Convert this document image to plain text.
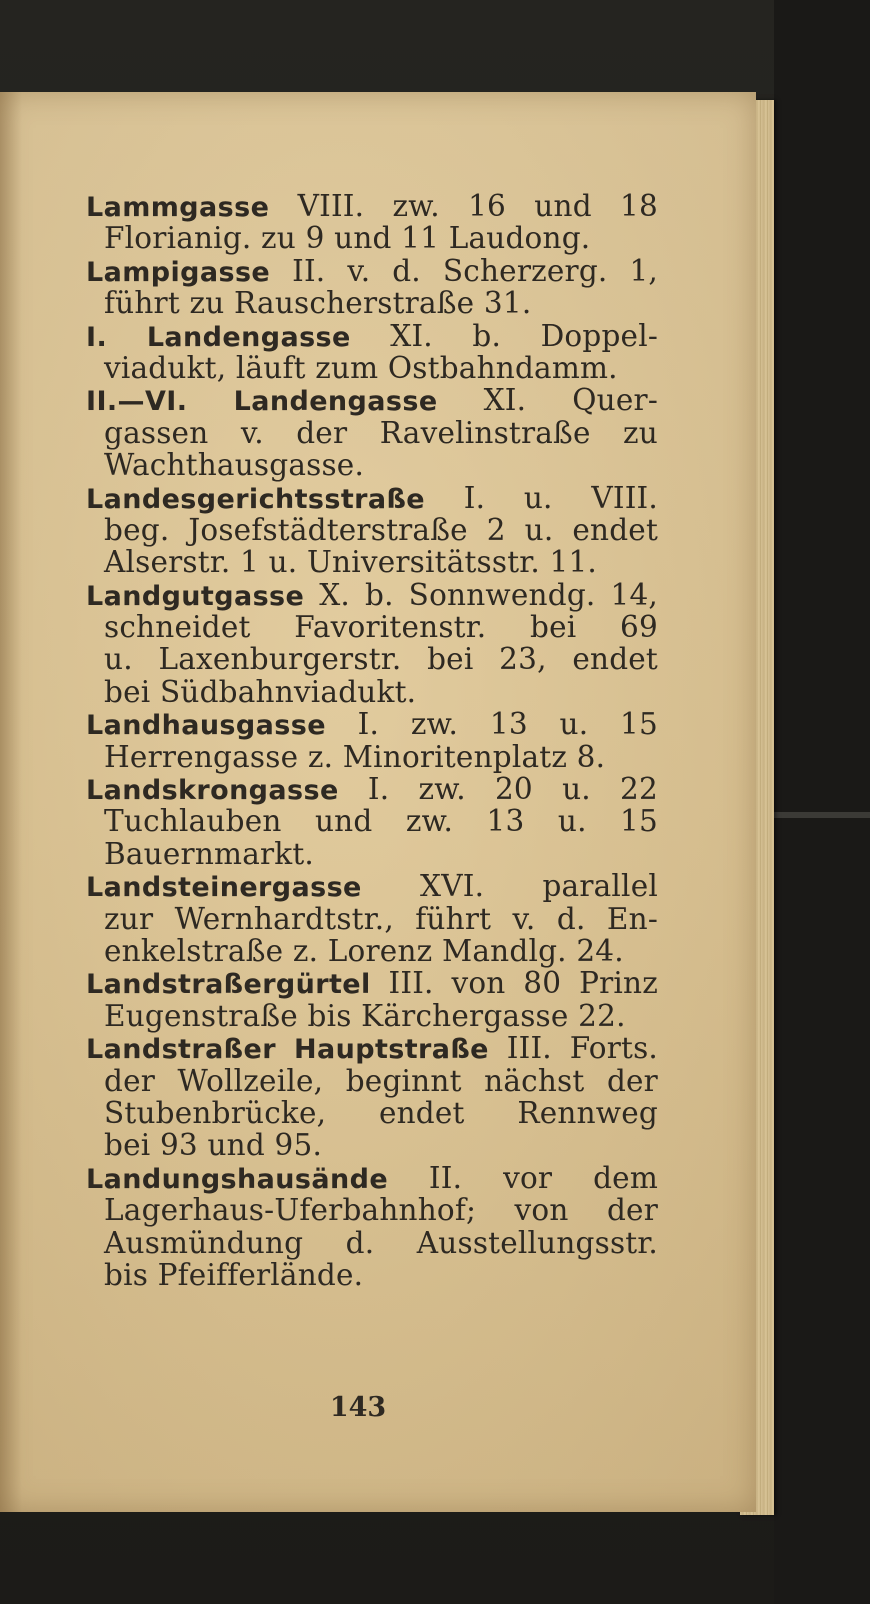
Lammgasse VIII. zw. 16 und 18
Florianig. zu 9 und 11 Laudong.
Lampigasse II. v. d. Scherzerg. 1,
führt zu Rauscherstraße 31.
I. Landengasse XI. b. Doppel-
viadukt, läuft zum Ostbahndamm.
II.—VI. Landengasse XI. Quer-
gassen v. der Ravelinstraße zu
Wachthausgasse.
Landesgerichtsstraße I. u. VIII.
beg. Josefstädterstraße 2 u. endet
Alserstr. 1 u. Universitätsstr. 11.
Landgutgasse X. b. Sonnwendg. 14,
schneidet Favoritenstr. bei 69
u. Laxenburgerstr. bei 23, endet
bei Südbahnviadukt.
Landhausgasse I. zw. 13 u. 15
Herrengasse z. Minoritenplatz 8.
Landskrongasse I. zw. 20 u. 22
Tuchlauben und zw. 13 u. 15
Bauernmarkt.
Landsteinergasse XVI. parallel
zur Wernhardtstr., führt v. d. En-
enkelstraße z. Lorenz Mandlg. 24.
Landstraßergürtel III. von 80 Prinz
Eugenstraße bis Kärchergasse 22.
Landstraßer Hauptstraße III. Forts.
der Wollzeile, beginnt nächst der
Stubenbrücke, endet Rennweg
bei 93 und 95.
Landungshausände II. vor dem
Lagerhaus-Uferbahnhof; von der
Ausmündung d. Ausstellungsstr.
bis Pfeifferlände.
143
